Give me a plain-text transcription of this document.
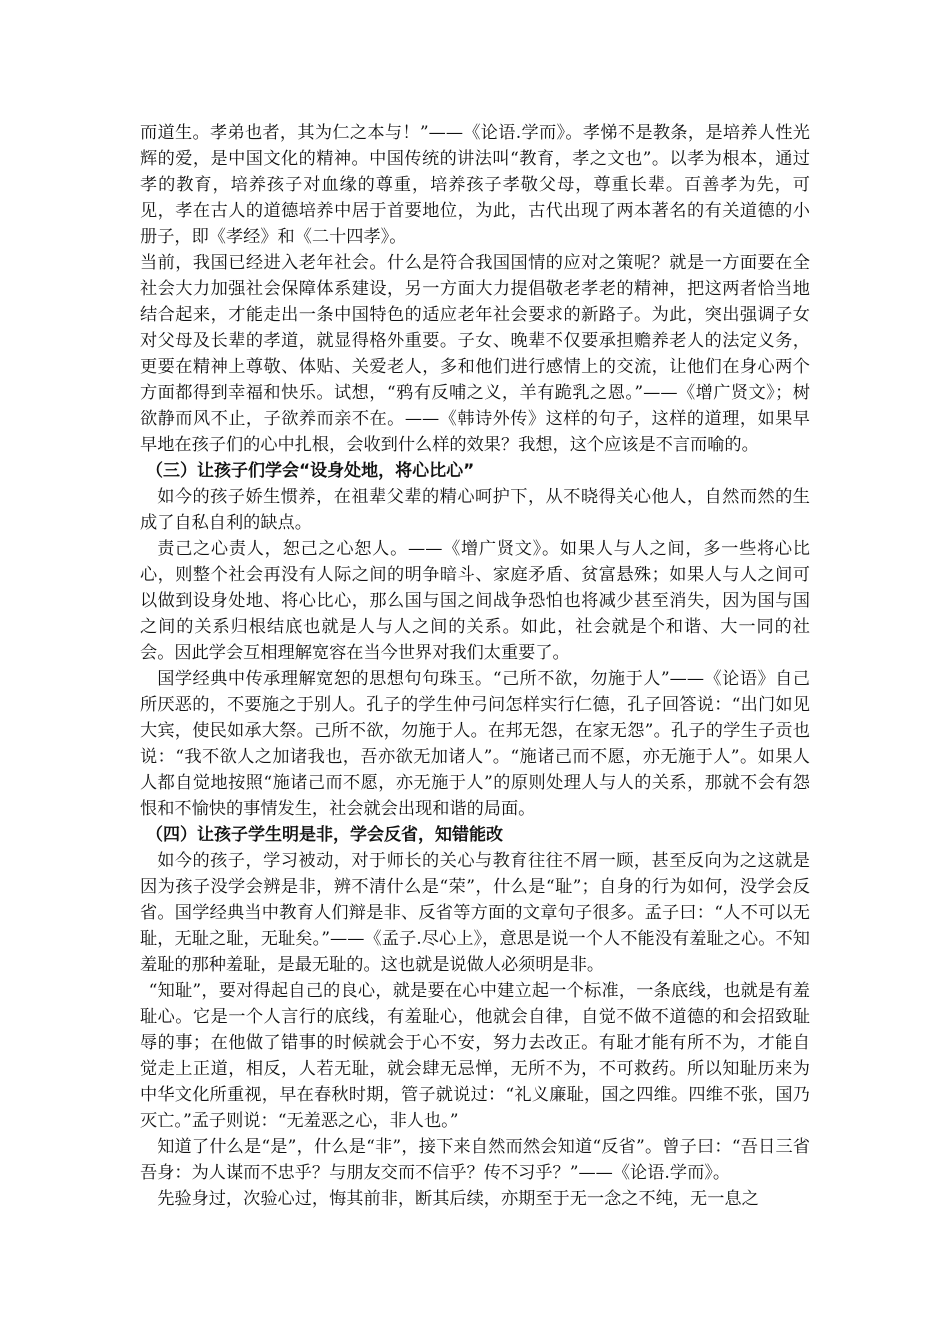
而道生。孝弟也者，其为仁之本与！”——《论语.学而》。孝悌不是教条，是培养人性光辉的爱，是中国文化的精神。中国传统的讲法叫“教育，孝之文也”。以孝为根本，通过孝的教育，培养孩子对血缘的尊重，培养孩子孝敬父母，尊重长辈。百善孝为先，可见，孝在古人的道德培养中居于首要地位，为此，古代出现了两本著名的有关道德的小册子，即《孝经》和《二十四孝》。

当前，我国已经进入老年社会。什么是符合我国国情的应对之策呢？就是一方面要在全社会大力加强社会保障体系建设，另一方面大力提倡敬老孝老的精神，把这两者恰当地结合起来，才能走出一条中国特色的适应老年社会要求的新路子。为此，突出强调子女对父母及长辈的孝道，就显得格外重要。子女、晚辈不仅要承担赡养老人的法定义务，更要在精神上尊敬、体贴、关爱老人，多和他们进行感情上的交流，让他们在身心两个方面都得到幸福和快乐。试想，“鸦有反哺之义，羊有跪乳之恩。”——《增广贤文》；树欲静而风不止，子欲养而亲不在。——《韩诗外传》这样的句子，这样的道理，如果早早地在孩子们的心中扎根，会收到什么样的效果？我想，这个应该是不言而喻的。

（三）让孩子们学会“设身处地，将心比心”

如今的孩子娇生惯养，在祖辈父辈的精心呵护下，从不晓得关心他人，自然而然的生成了自私自利的缺点。

责己之心责人，恕己之心恕人。——《增广贤文》。如果人与人之间，多一些将心比心，则整个社会再没有人际之间的明争暗斗、家庭矛盾、贫富悬殊；如果人与人之间可以做到设身处地、将心比心，那么国与国之间战争恐怕也将减少甚至消失，因为国与国之间的关系归根结底也就是人与人之间的关系。如此，社会就是个和谐、大一同的社会。因此学会互相理解宽容在当今世界对我们太重要了。

国学经典中传承理解宽恕的思想句句珠玉。“己所不欲，勿施于人”——《论语》自己所厌恶的，不要施之于别人。孔子的学生仲弓问怎样实行仁德，孔子回答说：“出门如见大宾，使民如承大祭。己所不欲，勿施于人。在邦无怨，在家无怨”。孔子的学生子贡也说：“我不欲人之加诸我也，吾亦欲无加诸人”。“施诸己而不愿，亦无施于人”。如果人人都自觉地按照“施诸己而不愿，亦无施于人”的原则处理人与人的关系，那就不会有怨恨和不愉快的事情发生，社会就会出现和谐的局面。

（四）让孩子学生明是非，学会反省，知错能改

如今的孩子，学习被动，对于师长的关心与教育往往不屑一顾，甚至反向为之这就是因为孩子没学会辨是非，辨不清什么是“荣”，什么是“耻”；自身的行为如何，没学会反省。国学经典当中教育人们辩是非、反省等方面的文章句子很多。孟子曰：“人不可以无耻，无耻之耻，无耻矣。”——《孟子.尽心上》，意思是说一个人不能没有羞耻之心。不知羞耻的那种羞耻，是最无耻的。这也就是说做人必须明是非。

“知耻”，要对得起自己的良心，就是要在心中建立起一个标准，一条底线，也就是有羞耻心。它是一个人言行的底线，有羞耻心，他就会自律，自觉不做不道德的和会招致耻辱的事；在他做了错事的时候就会于心不安，努力去改正。有耻才能有所不为，才能自觉走上正道，相反，人若无耻，就会肆无忌惮，无所不为，不可救药。所以知耻历来为中华文化所重视，早在春秋时期，管子就说过：“礼义廉耻，国之四维。四维不张，国乃灭亡。”孟子则说：“无羞恶之心，非人也。”

知道了什么是“是”，什么是“非”，接下来自然而然会知道“反省”。曾子曰：“吾日三省吾身：为人谋而不忠乎？与朋友交而不信乎？传不习乎？”——《论语.学而》。

先验身过，次验心过，悔其前非，断其后续，亦期至于无一念之不纯，无一息之
